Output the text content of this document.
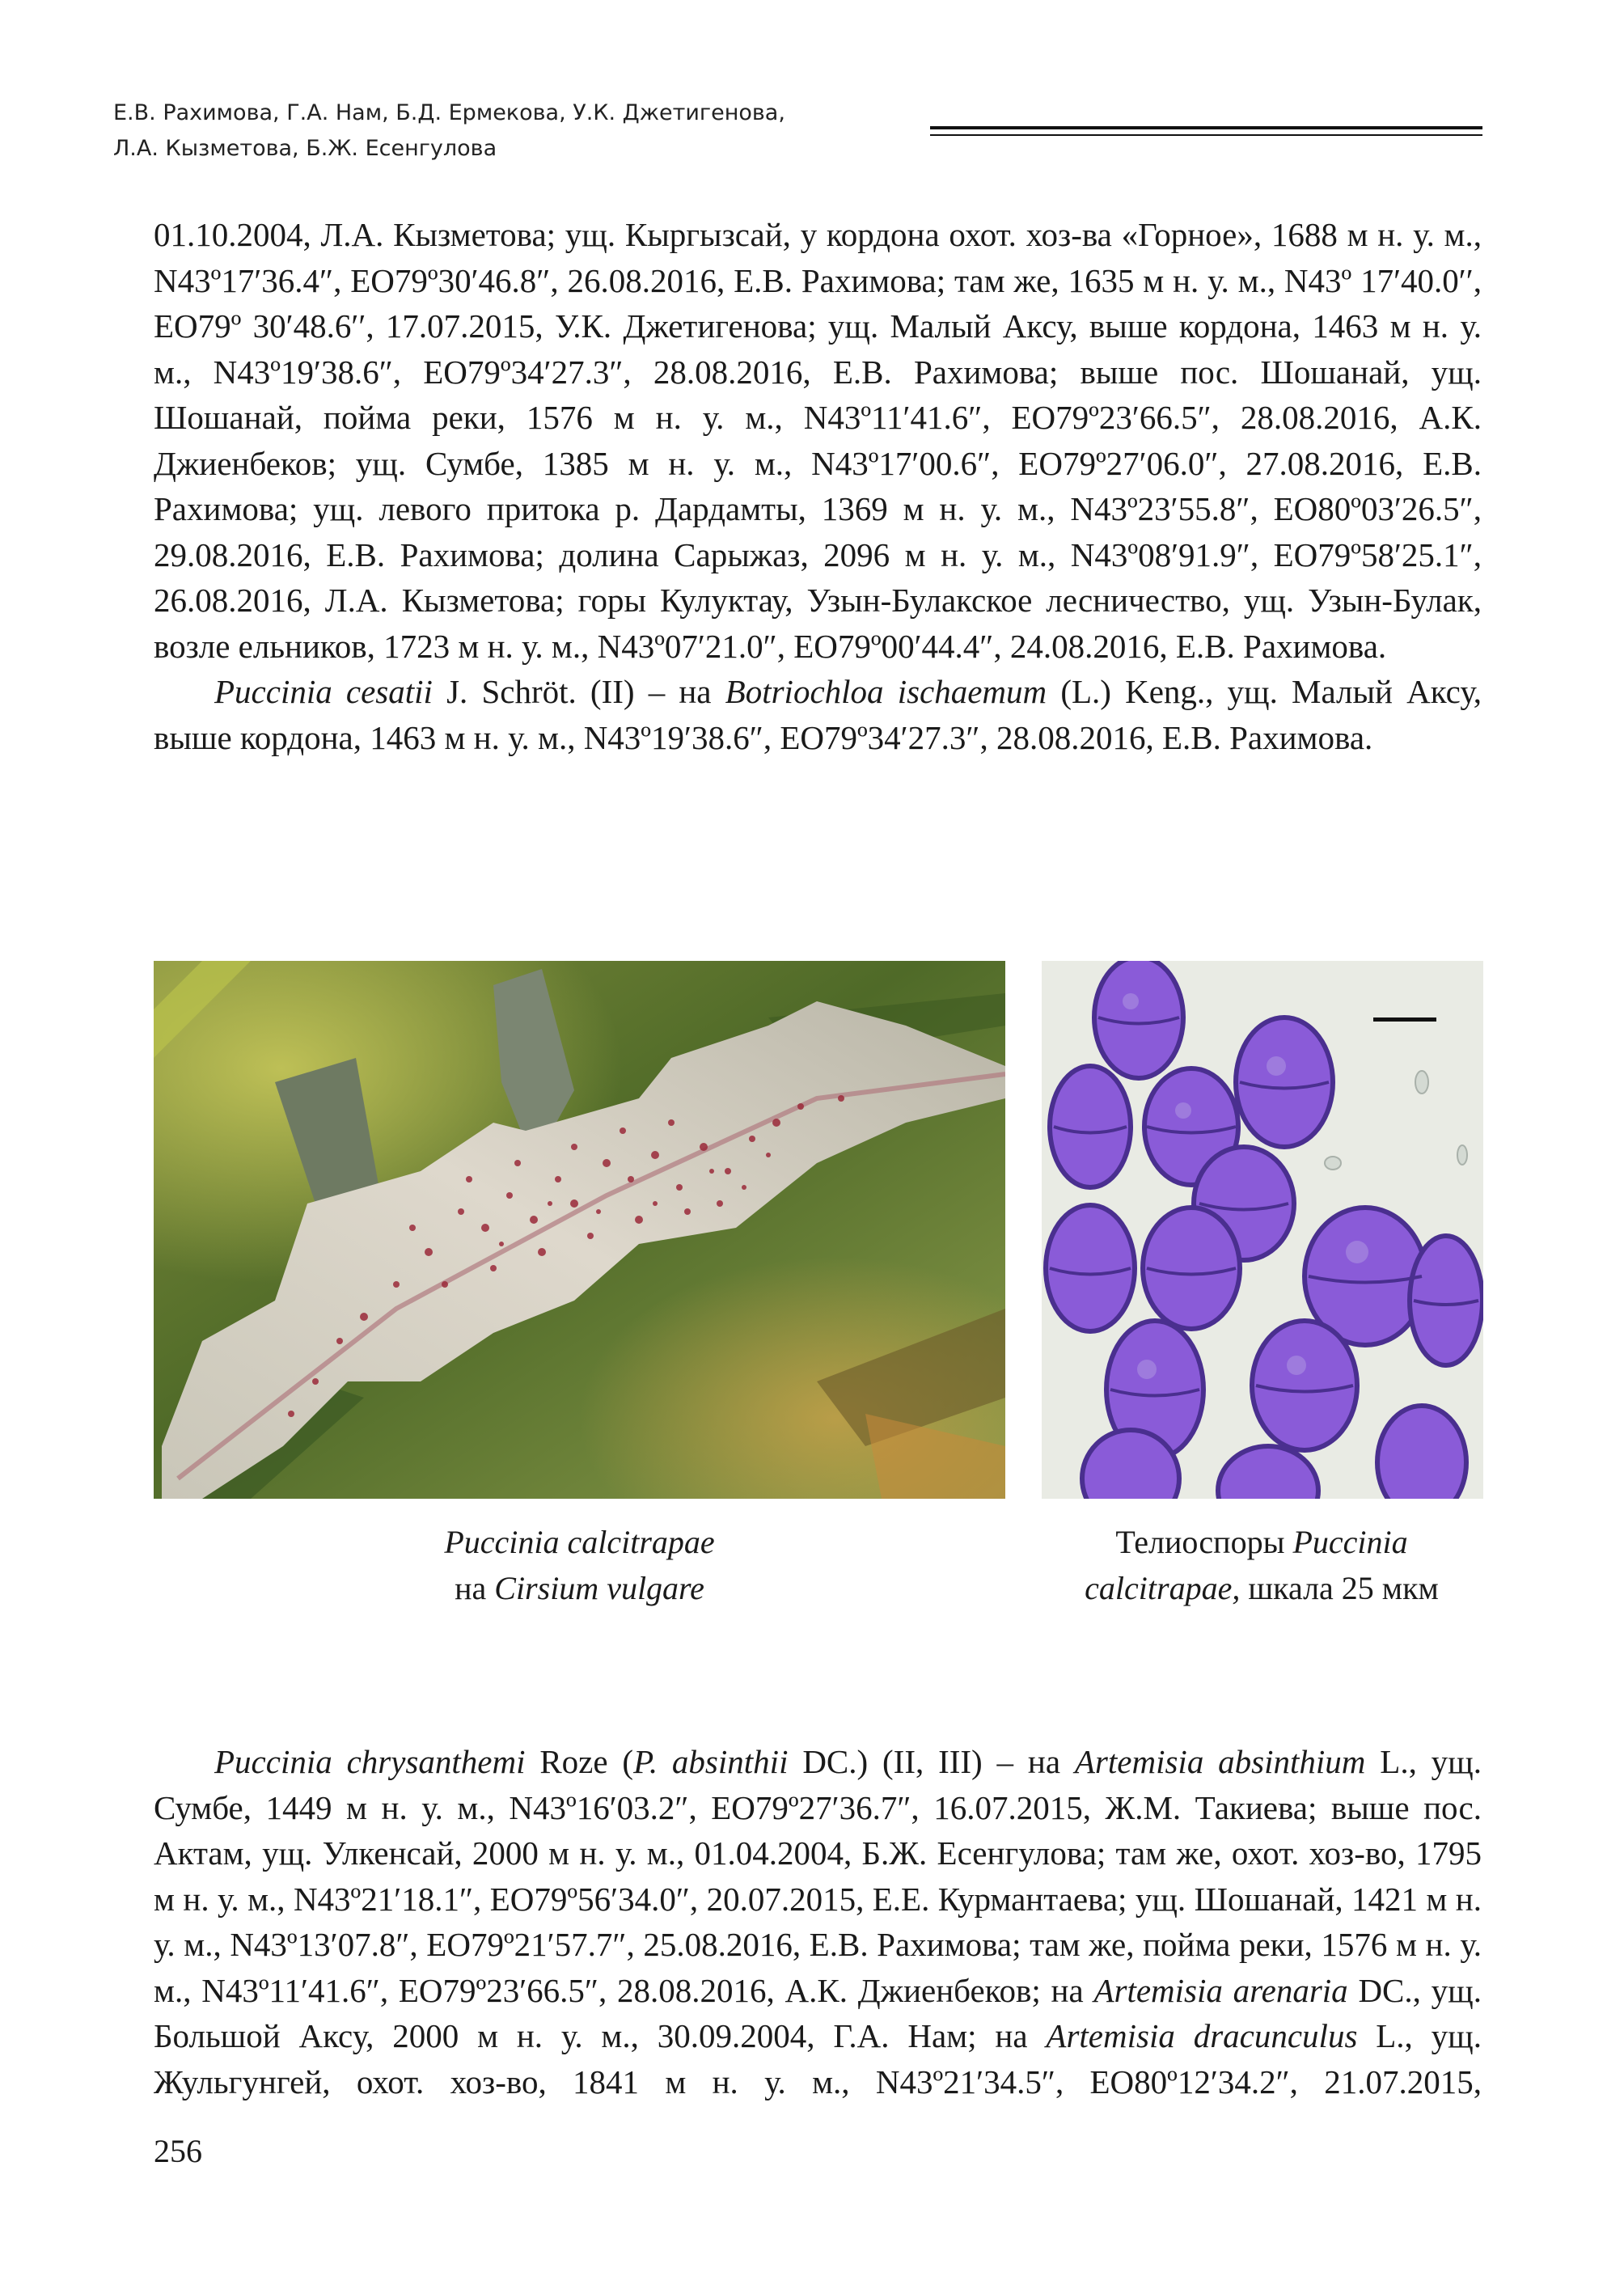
Е.В. Рахимова, Г.А. Нам, Б.Д. Ермекова, У.К. Джетигенова,
Л.А. Кызметова, Б.Ж. Есенгулова

01.10.2004, Л.А. Кызметова; ущ. Кыргызсай, у кордона охот. хоз-ва «Горное», 1688 м н. у. м., N43º17′36.4″, ЕО79º30′46.8″, 26.08.2016, Е.В. Рахимова; там же, 1635 м н. у. м., N43º 17′40.0′′, ЕО79º 30′48.6′′, 17.07.2015, У.К. Джетигенова; ущ. Малый Аксу, выше кордона, 1463 м н. у. м., N43º19′38.6″, ЕО79º34′27.3″, 28.08.2016, Е.В. Рахимова; выше пос. Шошанай, ущ. Шошанай, пойма реки, 1576 м н. у. м., N43º11′41.6″, ЕО79º23′66.5″, 28.08.2016, А.К. Джиенбеков; ущ. Сумбе, 1385 м н. у. м., N43º17′00.6″, ЕО79º27′06.0″, 27.08.2016, Е.В. Рахимова; ущ. левого притока р. Дардамты, 1369 м н. у. м., N43º23′55.8″, ЕО80º03′26.5″, 29.08.2016, Е.В. Рахимова; долина Сарыжаз, 2096 м н. у. м., N43º08′91.9″, ЕО79º58′25.1″, 26.08.2016, Л.А. Кызметова; горы Кулуктау, Узын-Булакское лесничество, ущ. Узын-Булак, возле ельников, 1723 м н. у. м., N43º07′21.0″, ЕО79º00′44.4″, 24.08.2016, Е.В. Рахимова.

Puccinia cesatii J. Schröt. (II) – на Botriochloa ischaemum (L.) Keng., ущ. Малый Аксу, выше кордона, 1463 м н. у. м., N43º19′38.6″, ЕО79º34′27.3″, 28.08.2016, Е.В. Рахимова.

Puccinia calcitrapae
на Cirsium vulgare
Телиоспоры Puccinia
calcitrapae, шкала 25 мкм

Puccinia chrysanthemi Roze (P. absinthii DC.) (II, III) – на Artemisia absinthium L., ущ. Сумбе, 1449 м н. у. м., N43º16′03.2″, ЕО79º27′36.7″, 16.07.2015, Ж.М. Такиева; выше пос. Актам, ущ. Улкенсай, 2000 м н. у. м., 01.04.2004, Б.Ж. Есенгулова; там же, охот. хоз-во, 1795 м н. у. м., N43º21′18.1″, ЕО79º56′34.0″, 20.07.2015, Е.Е. Курмантаева; ущ. Шошанай, 1421 м н. у. м., N43º13′07.8″, ЕО79º21′57.7″, 25.08.2016, Е.В. Рахимова; там же, пойма реки, 1576 м н. у. м., N43º11′41.6″, ЕО79º23′66.5″, 28.08.2016, А.К. Джиенбеков; на Artemisia arenaria DC., ущ. Большой Аксу, 2000 м н. у. м., 30.09.2004, Г.А. Нам; на Artemisia dracunculus L., ущ. Жульгунгей, охот. хоз-во, 1841 м н. у. м., N43º21′34.5″, ЕО80º12′34.2″, 21.07.2015,

256
